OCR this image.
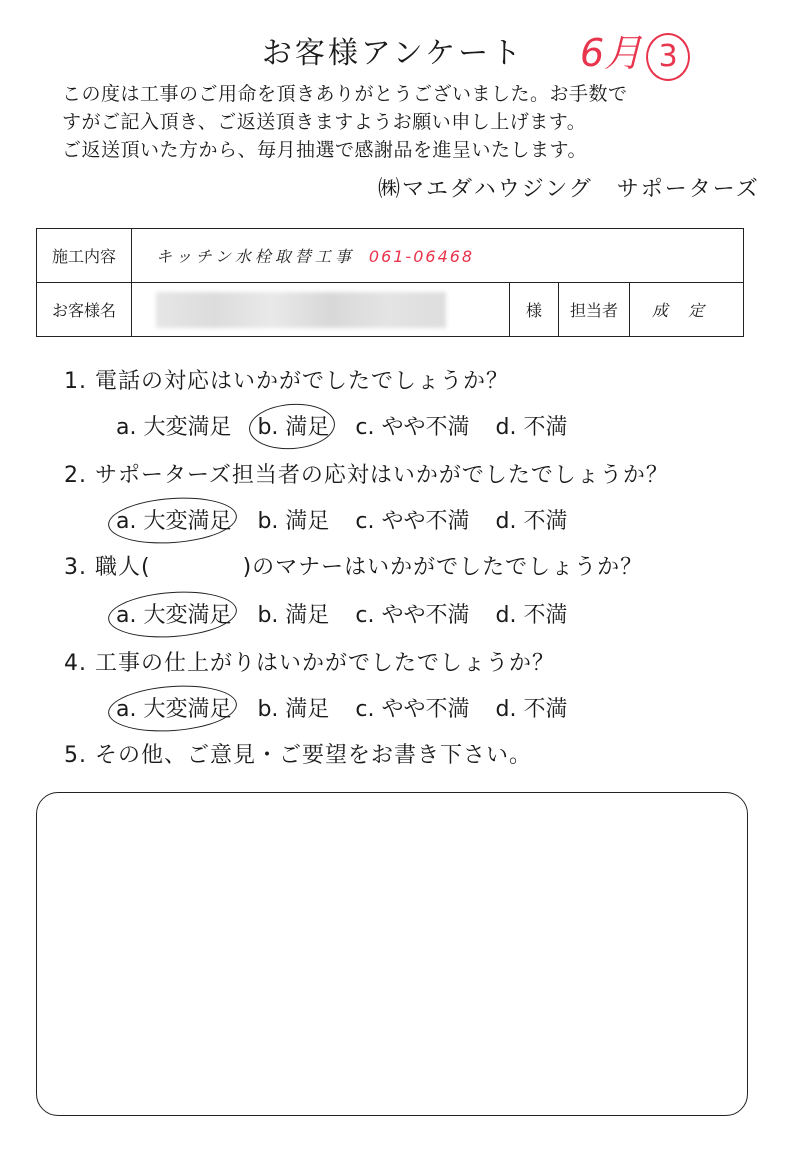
お客様アンケート	6月 3
この度は工事のご用命を頂きありがとうございました。お手数で
すがご記入頂き、ご返送頂きますようお願い申し上げます。
ご返送頂いた方から、毎月抽選で感謝品を進呈いたします。
㈱マエダハウジング　サポーターズ
施工内容	キッチン水栓取替工事 061-06468			
お客様名		様	担当者	成定
1. 電話の対応はいかがでしたでしょうか？
a. 大変満足 b. 満足 c. やや不満 d. 不満
2. サポーターズ担当者の応対はいかがでしたでしょうか？
a. 大変満足 b. 満足 c. やや不満 d. 不満
3. 職人(　　　　)のマナーはいかがでしたでしょうか？
a. 大変満足 b. 満足 c. やや不満 d. 不満
4. 工事の仕上がりはいかがでしたでしょうか？
a. 大変満足 b. 満足 c. やや不満 d. 不満
5. その他、ご意見・ご要望をお書き下さい。
